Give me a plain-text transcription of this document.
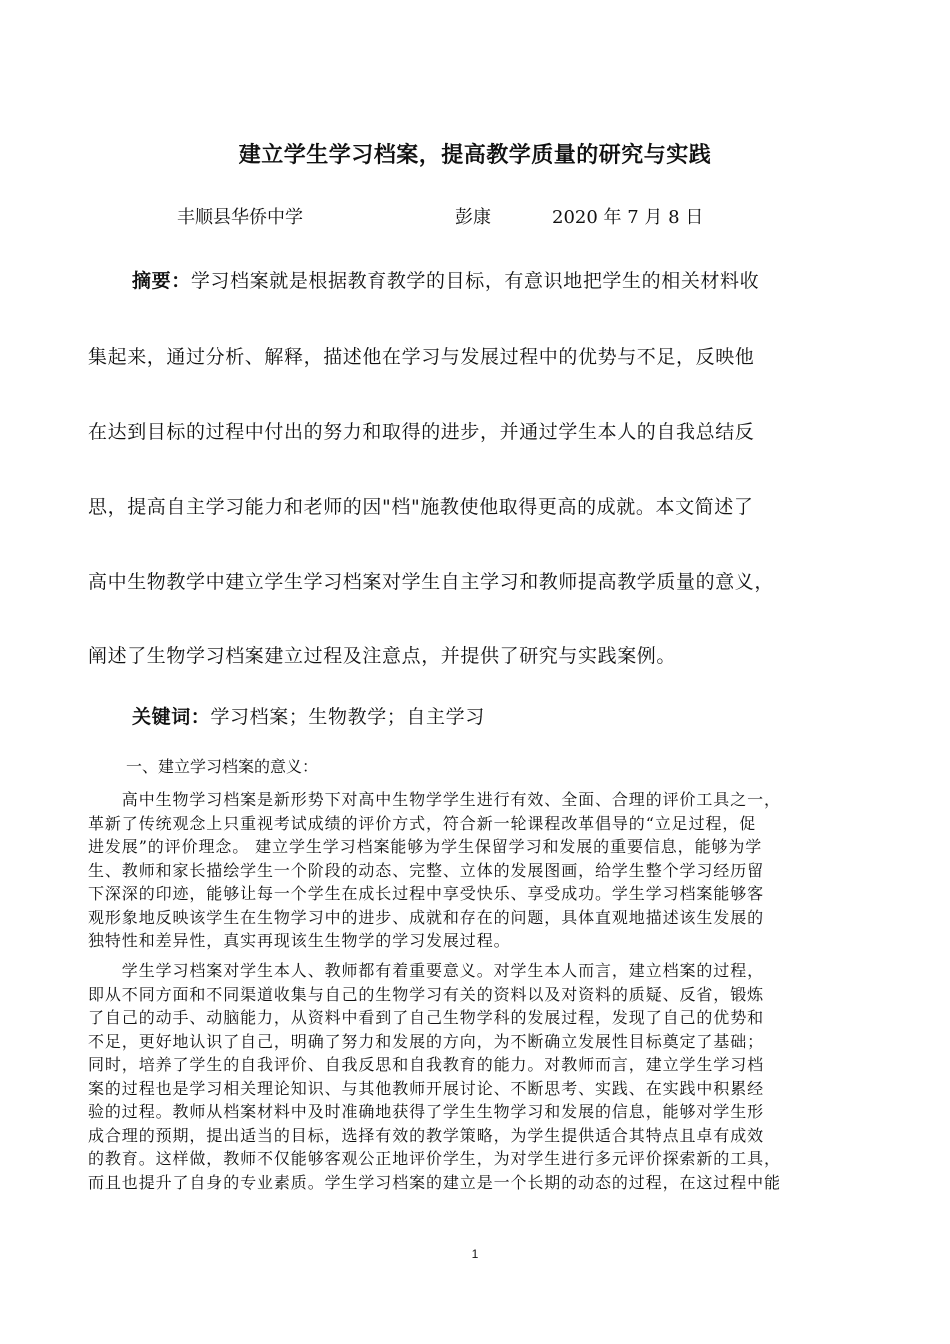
建立学生学习档案，提高教学质量的研究与实践
丰顺县华侨中学	彭康	2020 年 7 月 8 日
摘要：学习档案就是根据教育教学的目标，有意识地把学生的相关材料收
集起来，通过分析、解释，描述他在学习与发展过程中的优势与不足，反映他
在达到目标的过程中付出的努力和取得的进步，并通过学生本人的自我总结反
思，提高自主学习能力和老师的因"档"施教使他取得更高的成就。本文简述了
高中生物教学中建立学生学习档案对学生自主学习和教师提高教学质量的意义，
阐述了生物学习档案建立过程及注意点，并提供了研究与实践案例。
关键词：学习档案；生物教学；自主学习
一、建立学习档案的意义：
　　高中生物学习档案是新形势下对高中生物学学生进行有效、全面、合理的评价工具之一，
革新了传统观念上只重视考试成绩的评价方式，符合新一轮课程改革倡导的“立足过程，促
进发展”的评价理念。 建立学生学习档案能够为学生保留学习和发展的重要信息，能够为学
生、教师和家长描绘学生一个阶段的动态、完整、立体的发展图画，给学生整个学习经历留
下深深的印迹，能够让每一个学生在成长过程中享受快乐、享受成功。学生学习档案能够客
观形象地反映该学生在生物学习中的进步、成就和存在的问题，具体直观地描述该生发展的
独特性和差异性，真实再现该生生物学的学习发展过程。
　　学生学习档案对学生本人、教师都有着重要意义。对学生本人而言，建立档案的过程，
即从不同方面和不同渠道收集与自己的生物学习有关的资料以及对资料的质疑、反省，锻炼
了自己的动手、动脑能力，从资料中看到了自己生物学科的发展过程，发现了自己的优势和
不足，更好地认识了自己，明确了努力和发展的方向，为不断确立发展性目标奠定了基础；
同时，培养了学生的自我评价、自我反思和自我教育的能力。对教师而言，建立学生学习档
案的过程也是学习相关理论知识、与其他教师开展讨论、不断思考、实践、在实践中积累经
验的过程。教师从档案材料中及时准确地获得了学生生物学习和发展的信息，能够对学生形
成合理的预期，提出适当的目标，选择有效的教学策略，为学生提供适合其特点且卓有成效
的教育。这样做，教师不仅能够客观公正地评价学生，为对学生进行多元评价探索新的工具，
而且也提升了自身的专业素质。学生学习档案的建立是一个长期的动态的过程，在这过程中能
1
